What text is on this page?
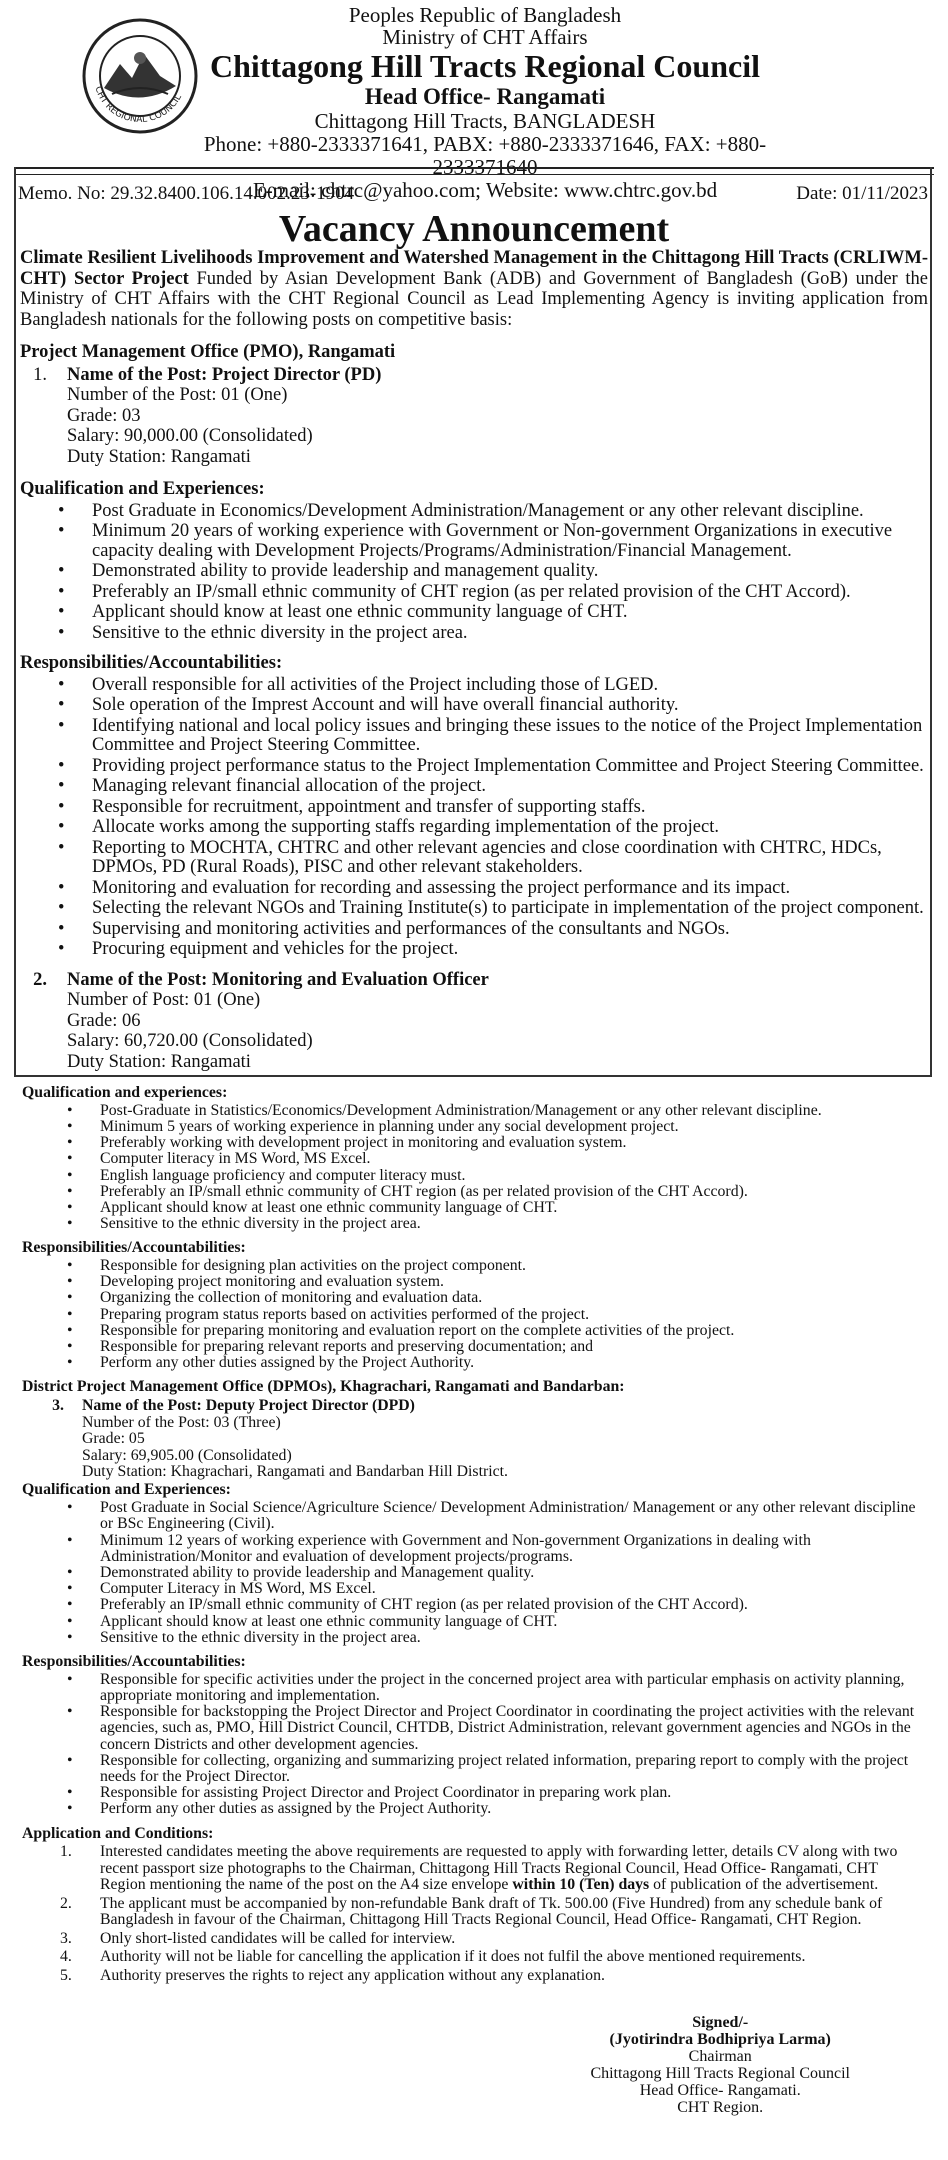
CHT REGIONAL COUNCIL
Peoples Republic of Bangladesh
Ministry of CHT Affairs
Chittagong Hill Tracts Regional Council
Head Office- Rangamati
Chittagong Hill Tracts, BANGLADESH
Phone: +880-2333371641, PABX: +880-2333371646, FAX: +880-2333371640
E-mail: chtrc@yahoo.com; Website: www.chtrc.gov.bd
Memo. No: 29.32.8400.106.14.002.23-1904	Date: 01/11/2023
Vacancy Announcement

Climate Resilient Livelihoods Improvement and Watershed Management in the Chittagong Hill Tracts (CRLIWM-CHT) Sector Project Funded by Asian Development Bank (ADB) and Government of Bangladesh (GoB) under the Ministry of CHT Affairs with the CHT Regional Council as Lead Implementing Agency is inviting application from Bangladesh nationals for the following posts on competitive basis:

Project Management Office (PMO), Rangamati
1.	Name of the Post: Project Director (PD)
Number of the Post: 01 (One)
Grade: 03
Salary: 90,000.00 (Consolidated)
Duty Station: Rangamati
Qualification and Experiences:
• Post Graduate in Economics/Development Administration/Management or any other relevant discipline.
• Minimum 20 years of working experience with Government or Non-government Organizations in executive capacity dealing with Development Projects/Programs/Administration/Financial Management.
• Demonstrated ability to provide leadership and management quality.
• Preferably an IP/small ethnic community of CHT region (as per related provision of the CHT Accord).
• Applicant should know at least one ethnic community language of CHT.
• Sensitive to the ethnic diversity in the project area.
Responsibilities/Accountabilities:
• Overall responsible for all activities of the Project including those of LGED.
• Sole operation of the Imprest Account and will have overall financial authority.
• Identifying national and local policy issues and bringing these issues to the notice of the Project Implementation Committee and Project Steering Committee.
• Providing project performance status to the Project Implementation Committee and Project Steering Committee.
• Managing relevant financial allocation of the project.
• Responsible for recruitment, appointment and transfer of supporting staffs.
• Allocate works among the supporting staffs regarding implementation of the project.
• Reporting to MOCHTA, CHTRC and other relevant agencies and close coordination with CHTRC, HDCs, DPMOs, PD (Rural Roads), PISC and other relevant stakeholders.
• Monitoring and evaluation for recording and assessing the project performance and its impact.
• Selecting the relevant NGOs and Training Institute(s) to participate in implementation of the project component.
• Supervising and monitoring activities and performances of the consultants and NGOs.
• Procuring equipment and vehicles for the project.
2.	Name of the Post: Monitoring and Evaluation Officer
Number of Post: 01 (One)
Grade: 06
Salary: 60,720.00 (Consolidated)
Duty Station: Rangamati
Qualification and experiences:
• Post-Graduate in Statistics/Economics/Development Administration/Management or any other relevant discipline.
• Minimum 5 years of working experience in planning under any social development project.
• Preferably working with development project in monitoring and evaluation system.
• Computer literacy in MS Word, MS Excel.
• English language proficiency and computer literacy must.
• Preferably an IP/small ethnic community of CHT region (as per related provision of the CHT Accord).
• Applicant should know at least one ethnic community language of CHT.
• Sensitive to the ethnic diversity in the project area.
Responsibilities/Accountabilities:
• Responsible for designing plan activities on the project component.
• Developing project monitoring and evaluation system.
• Organizing the collection of monitoring and evaluation data.
• Preparing program status reports based on activities performed of the project.
• Responsible for preparing monitoring and evaluation report on the complete activities of the project.
• Responsible for preparing relevant reports and preserving documentation; and
• Perform any other duties assigned by the Project Authority.
District Project Management Office (DPMOs), Khagrachari, Rangamati and Bandarban:
3.	Name of the Post: Deputy Project Director (DPD)
Number of the Post: 03 (Three)
Grade: 05
Salary: 69,905.00 (Consolidated)
Duty Station: Khagrachari, Rangamati and Bandarban Hill District.
Qualification and Experiences:
• Post Graduate in Social Science/Agriculture Science/ Development Administration/ Management or any other relevant discipline or BSc Engineering (Civil).
• Minimum 12 years of working experience with Government and Non-government Organizations in dealing with Administration/Monitor and evaluation of development projects/programs.
• Demonstrated ability to provide leadership and Management quality.
• Computer Literacy in MS Word, MS Excel.
• Preferably an IP/small ethnic community of CHT region (as per related provision of the CHT Accord).
• Applicant should know at least one ethnic community language of CHT.
• Sensitive to the ethnic diversity in the project area.
Responsibilities/Accountabilities:
• Responsible for specific activities under the project in the concerned project area with particular emphasis on activity planning, appropriate monitoring and implementation.
• Responsible for backstopping the Project Director and Project Coordinator in coordinating the project activities with the relevant agencies, such as, PMO, Hill District Council, CHTDB, District Administration, relevant government agencies and NGOs in the concern Districts and other development agencies.
• Responsible for collecting, organizing and summarizing project related information, preparing report to comply with the project needs for the Project Director.
• Responsible for assisting Project Director and Project Coordinator in preparing work plan.
• Perform any other duties as assigned by the Project Authority.
Application and Conditions:
1. Interested candidates meeting the above requirements are requested to apply with forwarding letter, details CV along with two recent passport size photographs to the Chairman, Chittagong Hill Tracts Regional Council, Head Office- Rangamati, CHT Region mentioning the name of the post on the A4 size envelope within 10 (Ten) days of publication of the advertisement.
2. The applicant must be accompanied by non-refundable Bank draft of Tk. 500.00 (Five Hundred) from any schedule bank of Bangladesh in favour of the Chairman, Chittagong Hill Tracts Regional Council, Head Office- Rangamati, CHT Region.
3. Only short-listed candidates will be called for interview.
4. Authority will not be liable for cancelling the application if it does not fulfil the above mentioned requirements.
5. Authority preserves the rights to reject any application without any explanation.
Signed/-
(Jyotirindra Bodhipriya Larma)
Chairman
Chittagong Hill Tracts Regional Council
Head Office- Rangamati.
CHT Region.
